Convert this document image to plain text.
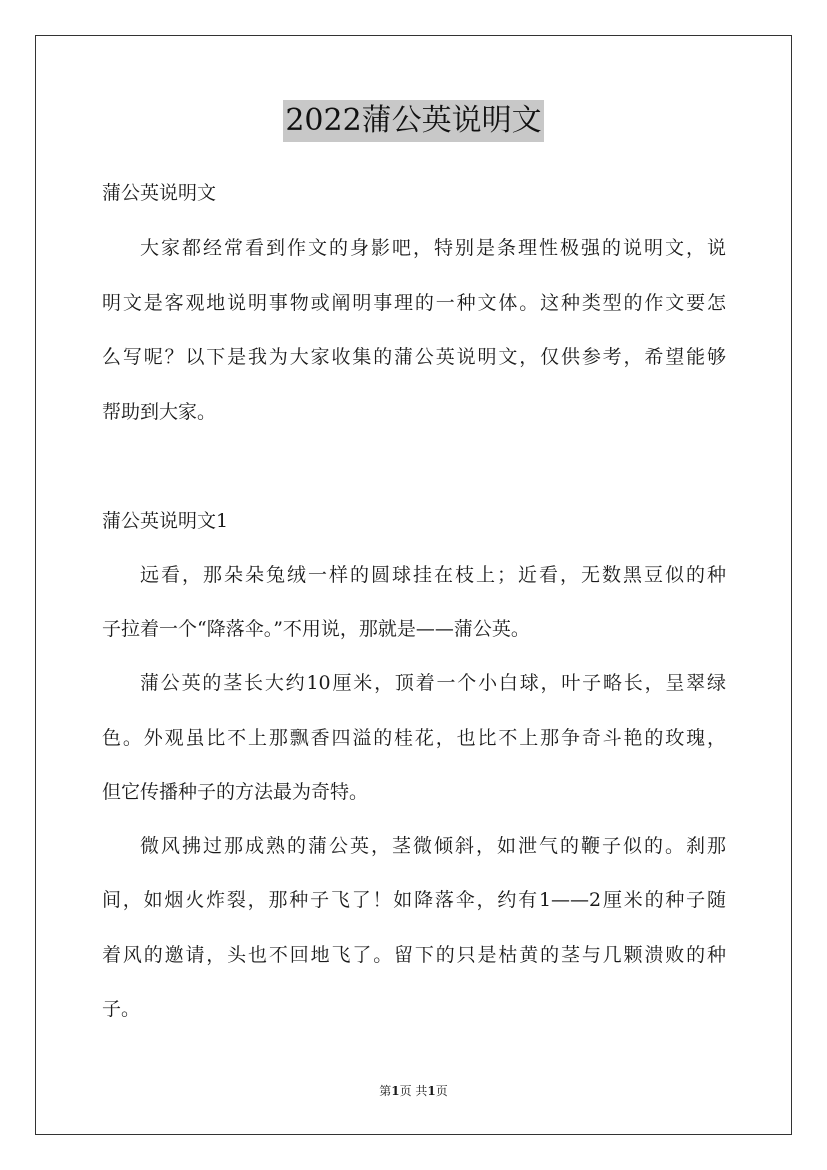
2022蒲公英说明文
蒲公英说明文
大家都经常看到作文的身影吧，特别是条理性极强的说明文，说
明文是客观地说明事物或阐明事理的一种文体。这种类型的作文要怎
么写呢？以下是我为大家收集的蒲公英说明文，仅供参考，希望能够
帮助到大家。
蒲公英说明文1
远看，那朵朵兔绒一样的圆球挂在枝上；近看，无数黑豆似的种
子拉着一个“降落伞。”不用说，那就是——蒲公英。
蒲公英的茎长大约10厘米，顶着一个小白球，叶子略长，呈翠绿
色。外观虽比不上那飘香四溢的桂花，也比不上那争奇斗艳的玫瑰，
但它传播种子的方法最为奇特。
微风拂过那成熟的蒲公英，茎微倾斜，如泄气的鞭子似的。刹那
间，如烟火炸裂，那种子飞了！如降落伞，约有1——2厘米的种子随
着风的邀请，头也不回地飞了。留下的只是枯黄的茎与几颗溃败的种
子。
第1页 共1页
